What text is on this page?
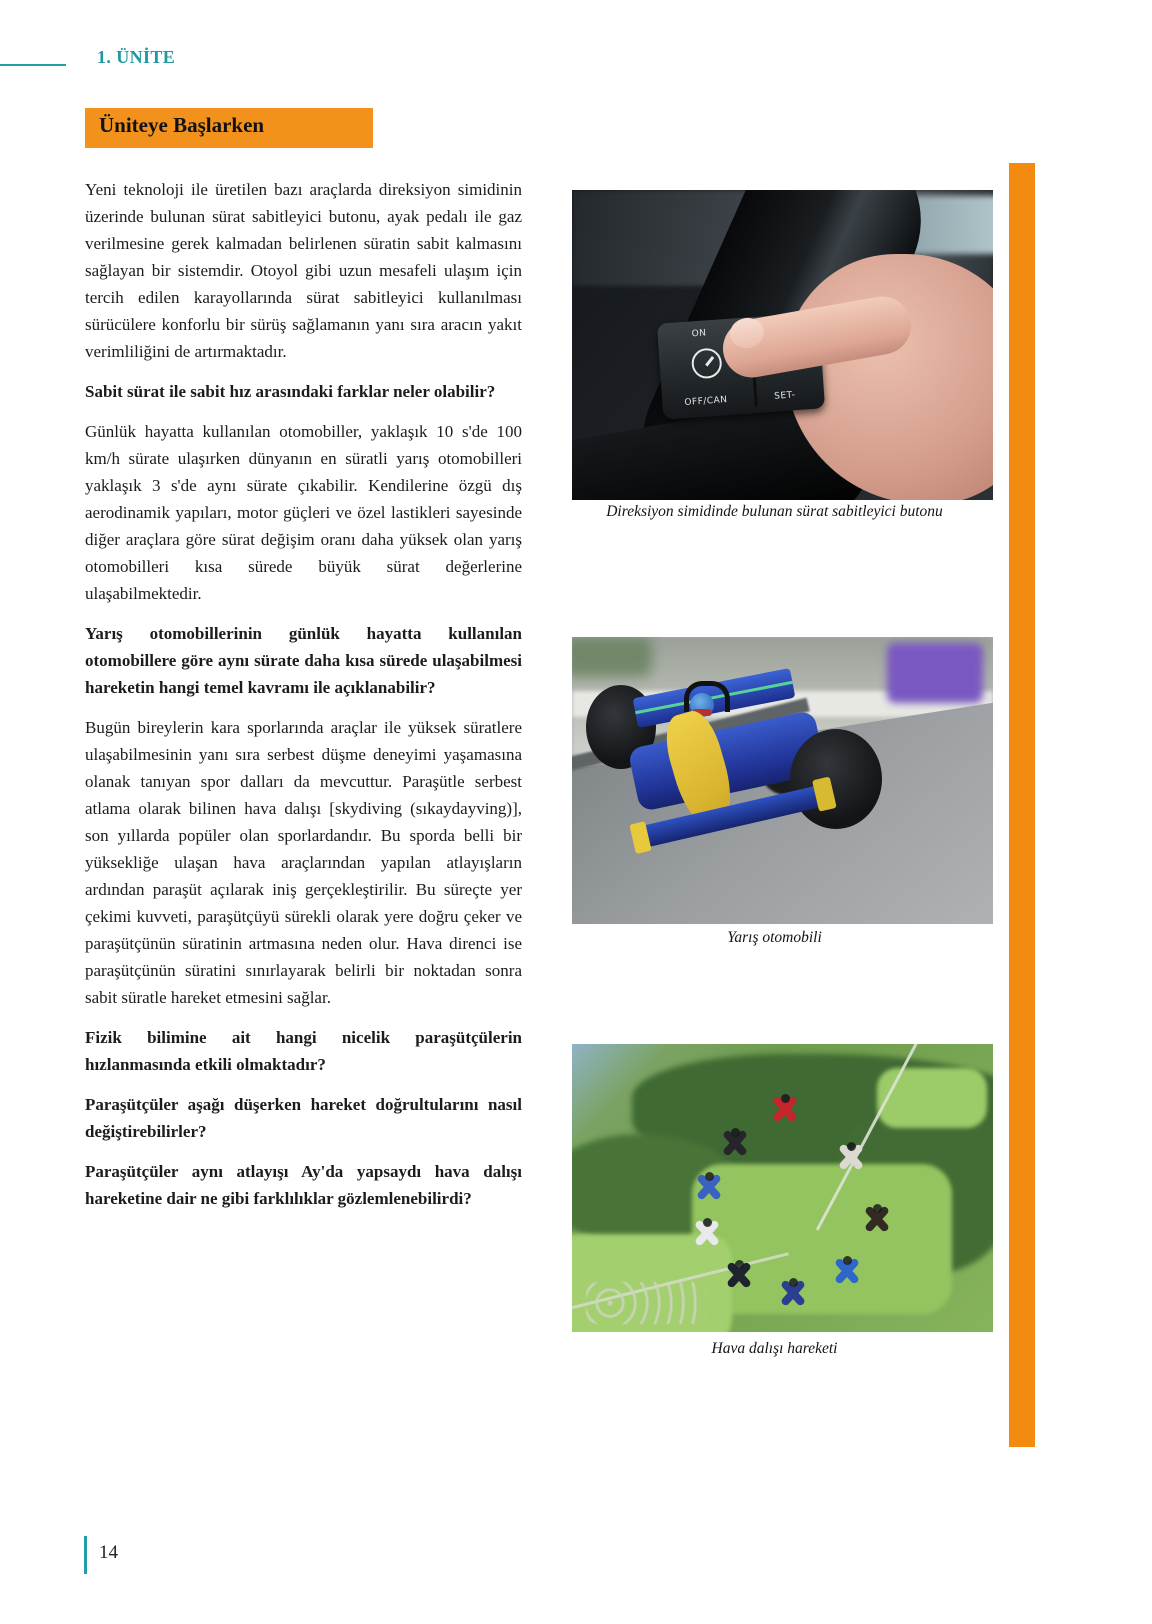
1. ÜNİTE
Üniteye Başlarken

Yeni teknoloji ile üretilen bazı araçlarda direksiyon simidinin üzerinde bulunan sürat sabitleyici butonu, ayak pedalı ile gaz verilmesine gerek kalmadan belirlenen süratin sabit kalmasını sağlayan bir sistemdir. Otoyol gibi uzun mesafeli ulaşım için tercih edilen karayollarında sürat sabitleyici kullanılması sürücülere konforlu bir sürüş sağlamanın yanı sıra aracın yakıt verimliliğini de artırmaktadır.

Sabit sürat ile sabit hız arasındaki farklar neler olabilir?

Günlük hayatta kullanılan otomobiller, yaklaşık 10 s'de 100 km/h sürate ulaşırken dünyanın en süratli yarış otomobilleri yaklaşık 3 s'de aynı sürate çıkabilir. Kendilerine özgü dış aerodinamik yapıları, motor güçleri ve özel lastikleri sayesinde diğer araçlara göre sürat değişim oranı daha yüksek olan yarış otomobilleri kısa sürede büyük sürat değerlerine ulaşabilmektedir.

Yarış otomobillerinin günlük hayatta kullanılan otomobillere göre aynı sürate daha kısa sürede ulaşabilmesi hareketin hangi temel kavramı ile açıklanabilir?

Bugün bireylerin kara sporlarında araçlar ile yüksek süratlere ulaşabilmesinin yanı sıra serbest düşme deneyimi yaşamasına olanak tanıyan spor dalları da mevcuttur. Paraşütle serbest atlama olarak bilinen hava dalışı [skydiving (sıkaydayving)], son yıllarda popüler olan sporlardandır. Bu sporda belli bir yüksekliğe ulaşan hava araçlarından yapılan atlayışların ardından paraşüt açılarak iniş gerçekleştirilir. Bu süreçte yer çekimi kuvveti, paraşütçüyü sürekli olarak yere doğru çeker ve paraşütçünün süratinin artmasına neden olur. Hava direnci ise paraşütçünün süratini sınırlayarak belirli bir noktadan sonra sabit süratle hareket etmesini sağlar.

Fizik bilimine ait hangi nicelik paraşütçülerin hızlanmasında etkili olmaktadır?

Paraşütçüler aşağı düşerken hareket doğrultularını nasıl değiştirebilirler?

Paraşütçüler aynı atlayışı Ay'da yapsaydı hava dalışı hareketine dair ne gibi farklılıklar gözlemlenebilirdi?

ON
OFF/CAN	SET-
Direksiyon simidinde bulunan sürat sabitleyici butonu
Yarış otomobili
Hava dalışı hareketi
14
